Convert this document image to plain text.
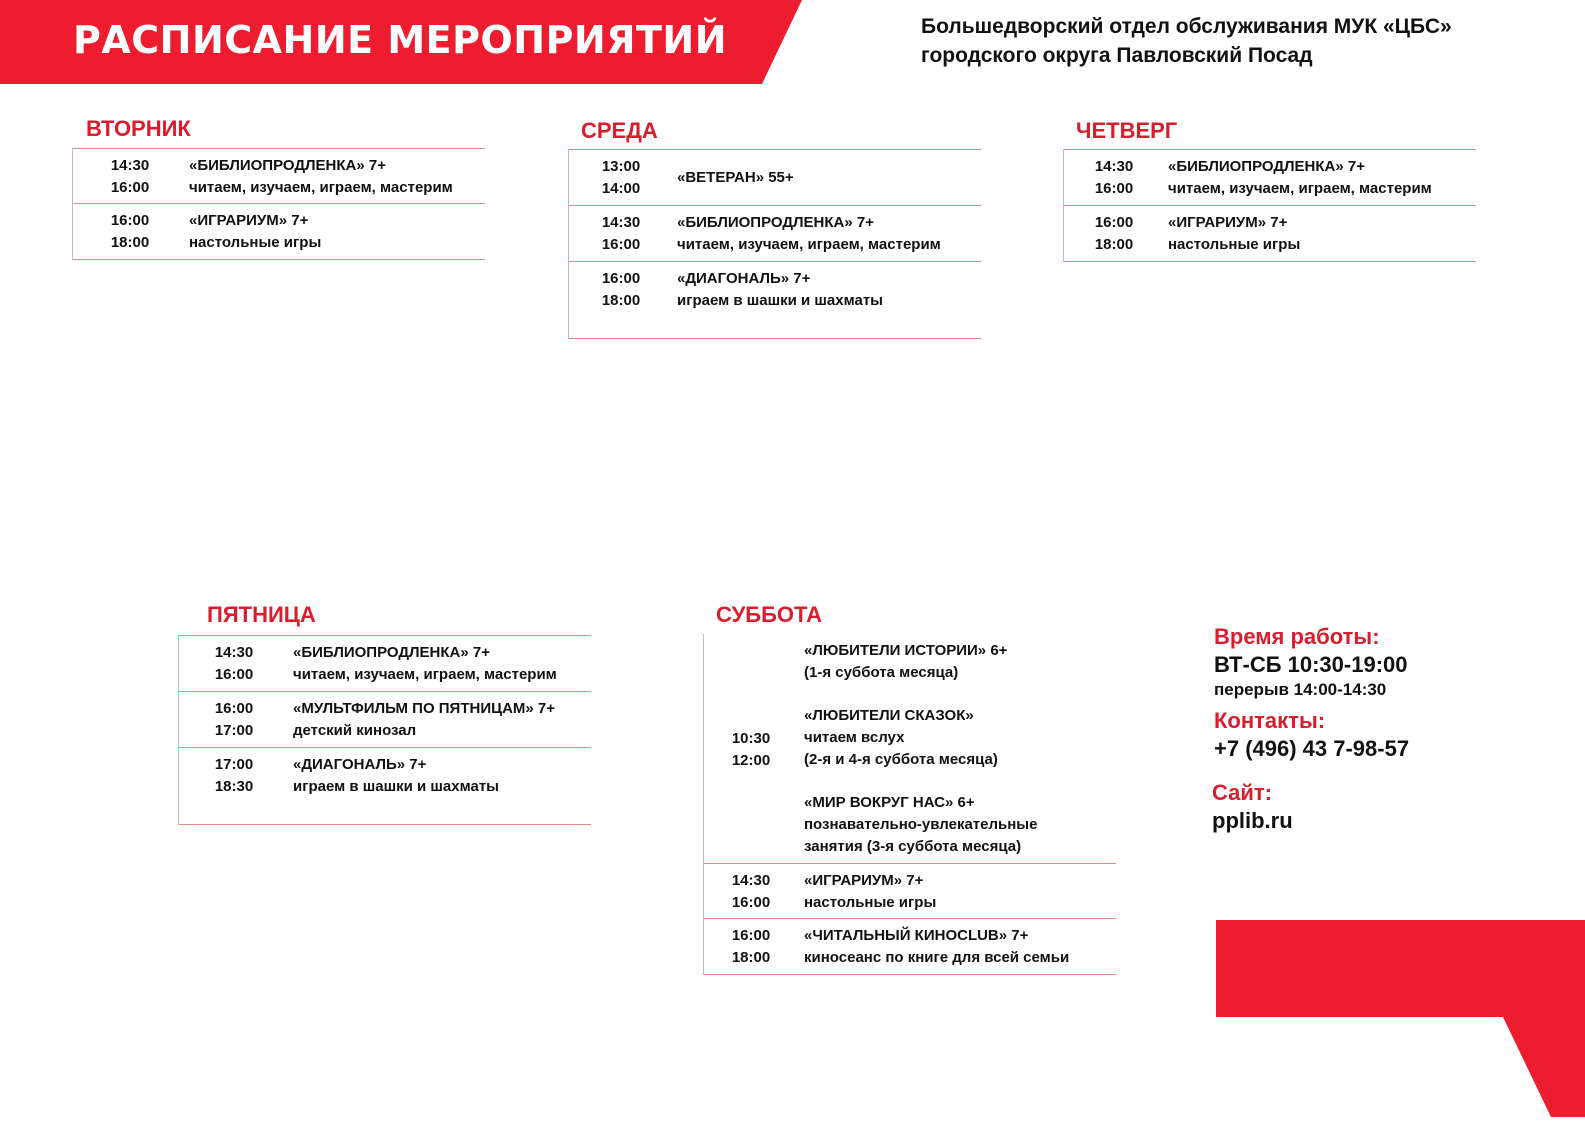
РАСПИСАНИЕ МЕРОПРИЯТИЙ	Большедворский отдел обслуживания МУК «ЦБС»
городского округа Павловский Посад
ВТОРНИК
14:30
16:00
«БИБЛИОПРОДЛЕНКА» 7+
читаем, изучаем, играем, мастерим
16:00
18:00
«ИГРАРИУМ» 7+
настольные игры
СРЕДА
13:00
14:00
«ВЕТЕРАН» 55+
14:30
16:00
«БИБЛИОПРОДЛЕНКА» 7+
читаем, изучаем, играем, мастерим
16:00
18:00
«ДИАГОНАЛЬ» 7+
играем в шашки и шахматы
ЧЕТВЕРГ
14:30
16:00
«БИБЛИОПРОДЛЕНКА» 7+
читаем, изучаем, играем, мастерим
16:00
18:00
«ИГРАРИУМ» 7+
настольные игры
ПЯТНИЦА
14:30
16:00
«БИБЛИОПРОДЛЕНКА» 7+
читаем, изучаем, играем, мастерим
16:00
17:00
«МУЛЬТФИЛЬМ ПО ПЯТНИЦАМ» 7+
детский кинозал
17:00
18:30
«ДИАГОНАЛЬ» 7+
играем в шашки и шахматы
СУББОТА
10:30
12:00
«ЛЮБИТЕЛИ ИСТОРИИ» 6+
(1-я суббота месяца)
«ЛЮБИТЕЛИ СКАЗОК»
читаем вслух
(2-я и 4-я суббота месяца)
«МИР ВОКРУГ НАС» 6+
познавательно-увлекательные
занятия (3-я суббота месяца)
14:30
16:00
«ИГРАРИУМ» 7+
настольные игры
16:00
18:00
«ЧИТАЛЬНЫЙ КИНОCLUB» 7+
киносеанс по книге для всей семьи
Время работы:
ВТ-СБ 10:30-19:00
перерыв 14:00-14:30
Контакты:
+7 (496) 43 7-98-57
Сайт:
pplib.ru
